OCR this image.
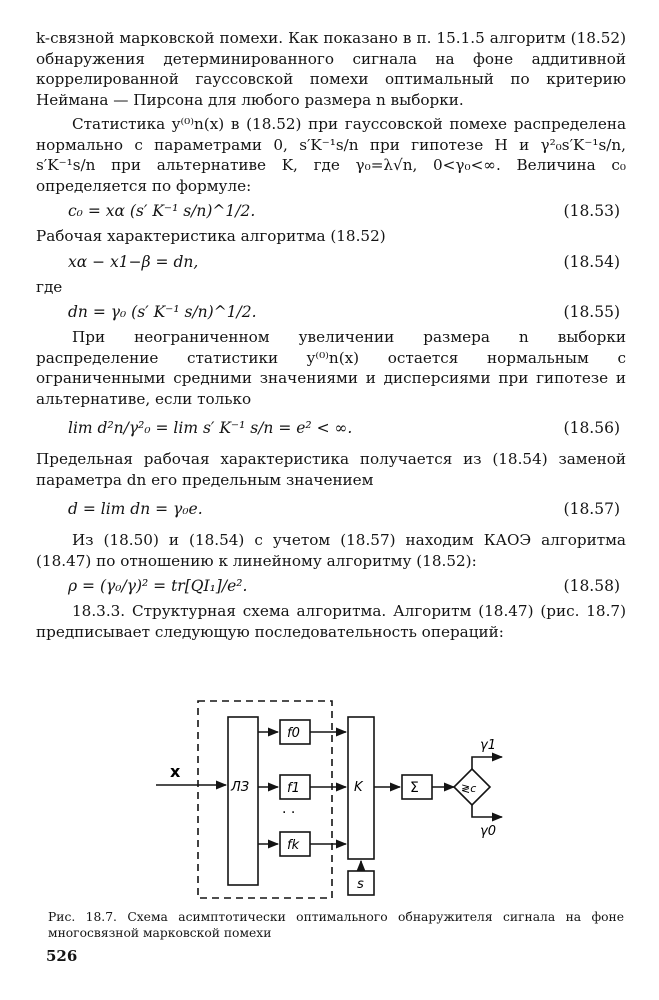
k-связной марковской помехи. Как показано в п. 15.1.5 алгоритм (18.52) обнаружения детерминированного сигнала на фоне аддитивной коррелированной гауссовской помехи оптимальный по критерию Неймана — Пирсона для любого размера n выборки.

Статистика y⁽⁰⁾n(x) в (18.52) при гауссовской помехе распределена нормально с параметрами 0, s′K⁻¹s/n при гипотезе H и γ²₀s′K⁻¹s/n, s′K⁻¹s/n при альтернативе K, где γ₀=λ√n, 0<γ₀<∞. Величина c₀ определяется по формуле:

c₀ = xα (s′ K⁻¹ s/n)^1/2.	(18.53)

Рабочая характеристика алгоритма (18.52)

xα − x1−β = dn,	(18.54)

где

dn = γ₀ (s′ K⁻¹ s/n)^1/2.	(18.55)

При неограниченном увеличении размера n выборки распределение статистики y⁽⁰⁾n(x) остается нормальным с ограниченными средними значениями и дисперсиями при гипотезе и альтернативе, если только

lim d²n/γ²₀ = lim s′ K⁻¹ s/n = e² < ∞.	(18.56)

Предельная рабочая характеристика получается из (18.54) заменой параметра dn его предельным значением

d = lim dn = γ₀e.	(18.57)

Из (18.50) и (18.54) с учетом (18.57) находим КАОЭ алгоритма (18.47) по отношению к линейному алгоритму (18.52):

ρ = (γ₀/γ)² = tr[QI₁]/e².	(18.58)

18.3.3. Структурная схема алгоритма. Алгоритм (18.47) (рис. 18.7) предписывает следующую последовательность операций:

x
ЛЗ
f0
f1
fk
· ·
K
s
Σ	≷c
γ1
γ0

Рис. 18.7. Схема асимптотически оптимального обнаружителя сигнала на фоне многосвязной марковской помехи

526
